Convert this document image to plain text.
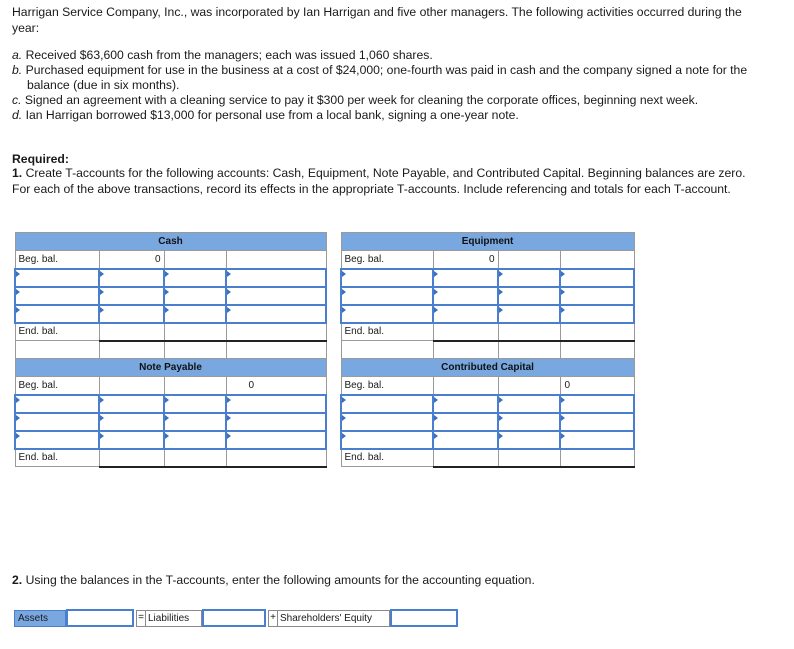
Harrigan Service Company, Inc., was incorporated by Ian Harrigan and five other managers. The following activities occurred during the year:
a. Received $63,600 cash from the managers; each was issued 1,060 shares.
b. Purchased equipment for use in the business at a cost of $24,000; one-fourth was paid in cash and the company signed a note for the balance (due in six months).
c. Signed an agreement with a cleaning service to pay it $300 per week for cleaning the corporate offices, beginning next week.
d. Ian Harrigan borrowed $13,000 for personal use from a local bank, signing a one-year note.
Required:
1. Create T-accounts for the following accounts: Cash, Equipment, Note Payable, and Contributed Capital. Beginning balances are zero. For each of the above transactions, record its effects in the appropriate T-accounts. Include referencing and totals for each T-account.
Cash					Equipment			
Beg. bal.	0				Beg. bal.	0		

End. bal.					End. bal.			

Note Payable					Contributed Capital			
Beg. bal.			0		Beg. bal.			0

End. bal.					End. bal.			
2. Using the balances in the T-accounts, enter the following amounts for the accounting equation.
Assets	= Liabilities	+ Shareholders' Equity
